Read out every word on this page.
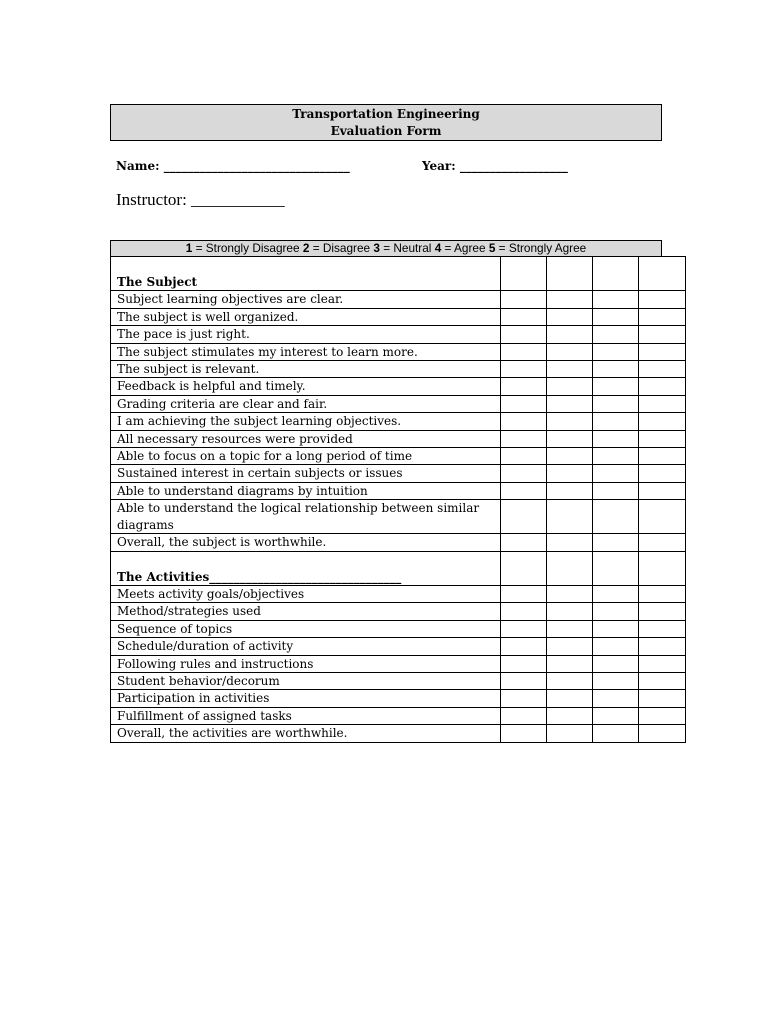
Transportation Engineering
Evaluation Form
Name: _______________________________	Year: __________________
Instructor: ___________
1 = Strongly Disagree 2 = Disagree 3 = Neutral 4 = Agree 5 = Strongly Agree
The Subject				
Subject learning objectives are clear.				
The subject is well organized.				
The pace is just right.				
The subject stimulates my interest to learn more.				
The subject is relevant.				
Feedback is helpful and timely.				
Grading criteria are clear and fair.				
I am achieving the subject learning objectives.				
All necessary resources were provided				
Able to focus on a topic for a long period of time				
Sustained interest in certain subjects or issues				
Able to understand diagrams by intuition				
Able to understand the logical relationship between similar diagrams				
Overall, the subject is worthwhile.				
The Activities________________________________				
Meets activity goals/objectives				
Method/strategies used				
Sequence of topics				
Schedule/duration of activity				
Following rules and instructions				
Student behavior/decorum				
Participation in activities				
Fulfillment of assigned tasks				
Overall, the activities are worthwhile.				
